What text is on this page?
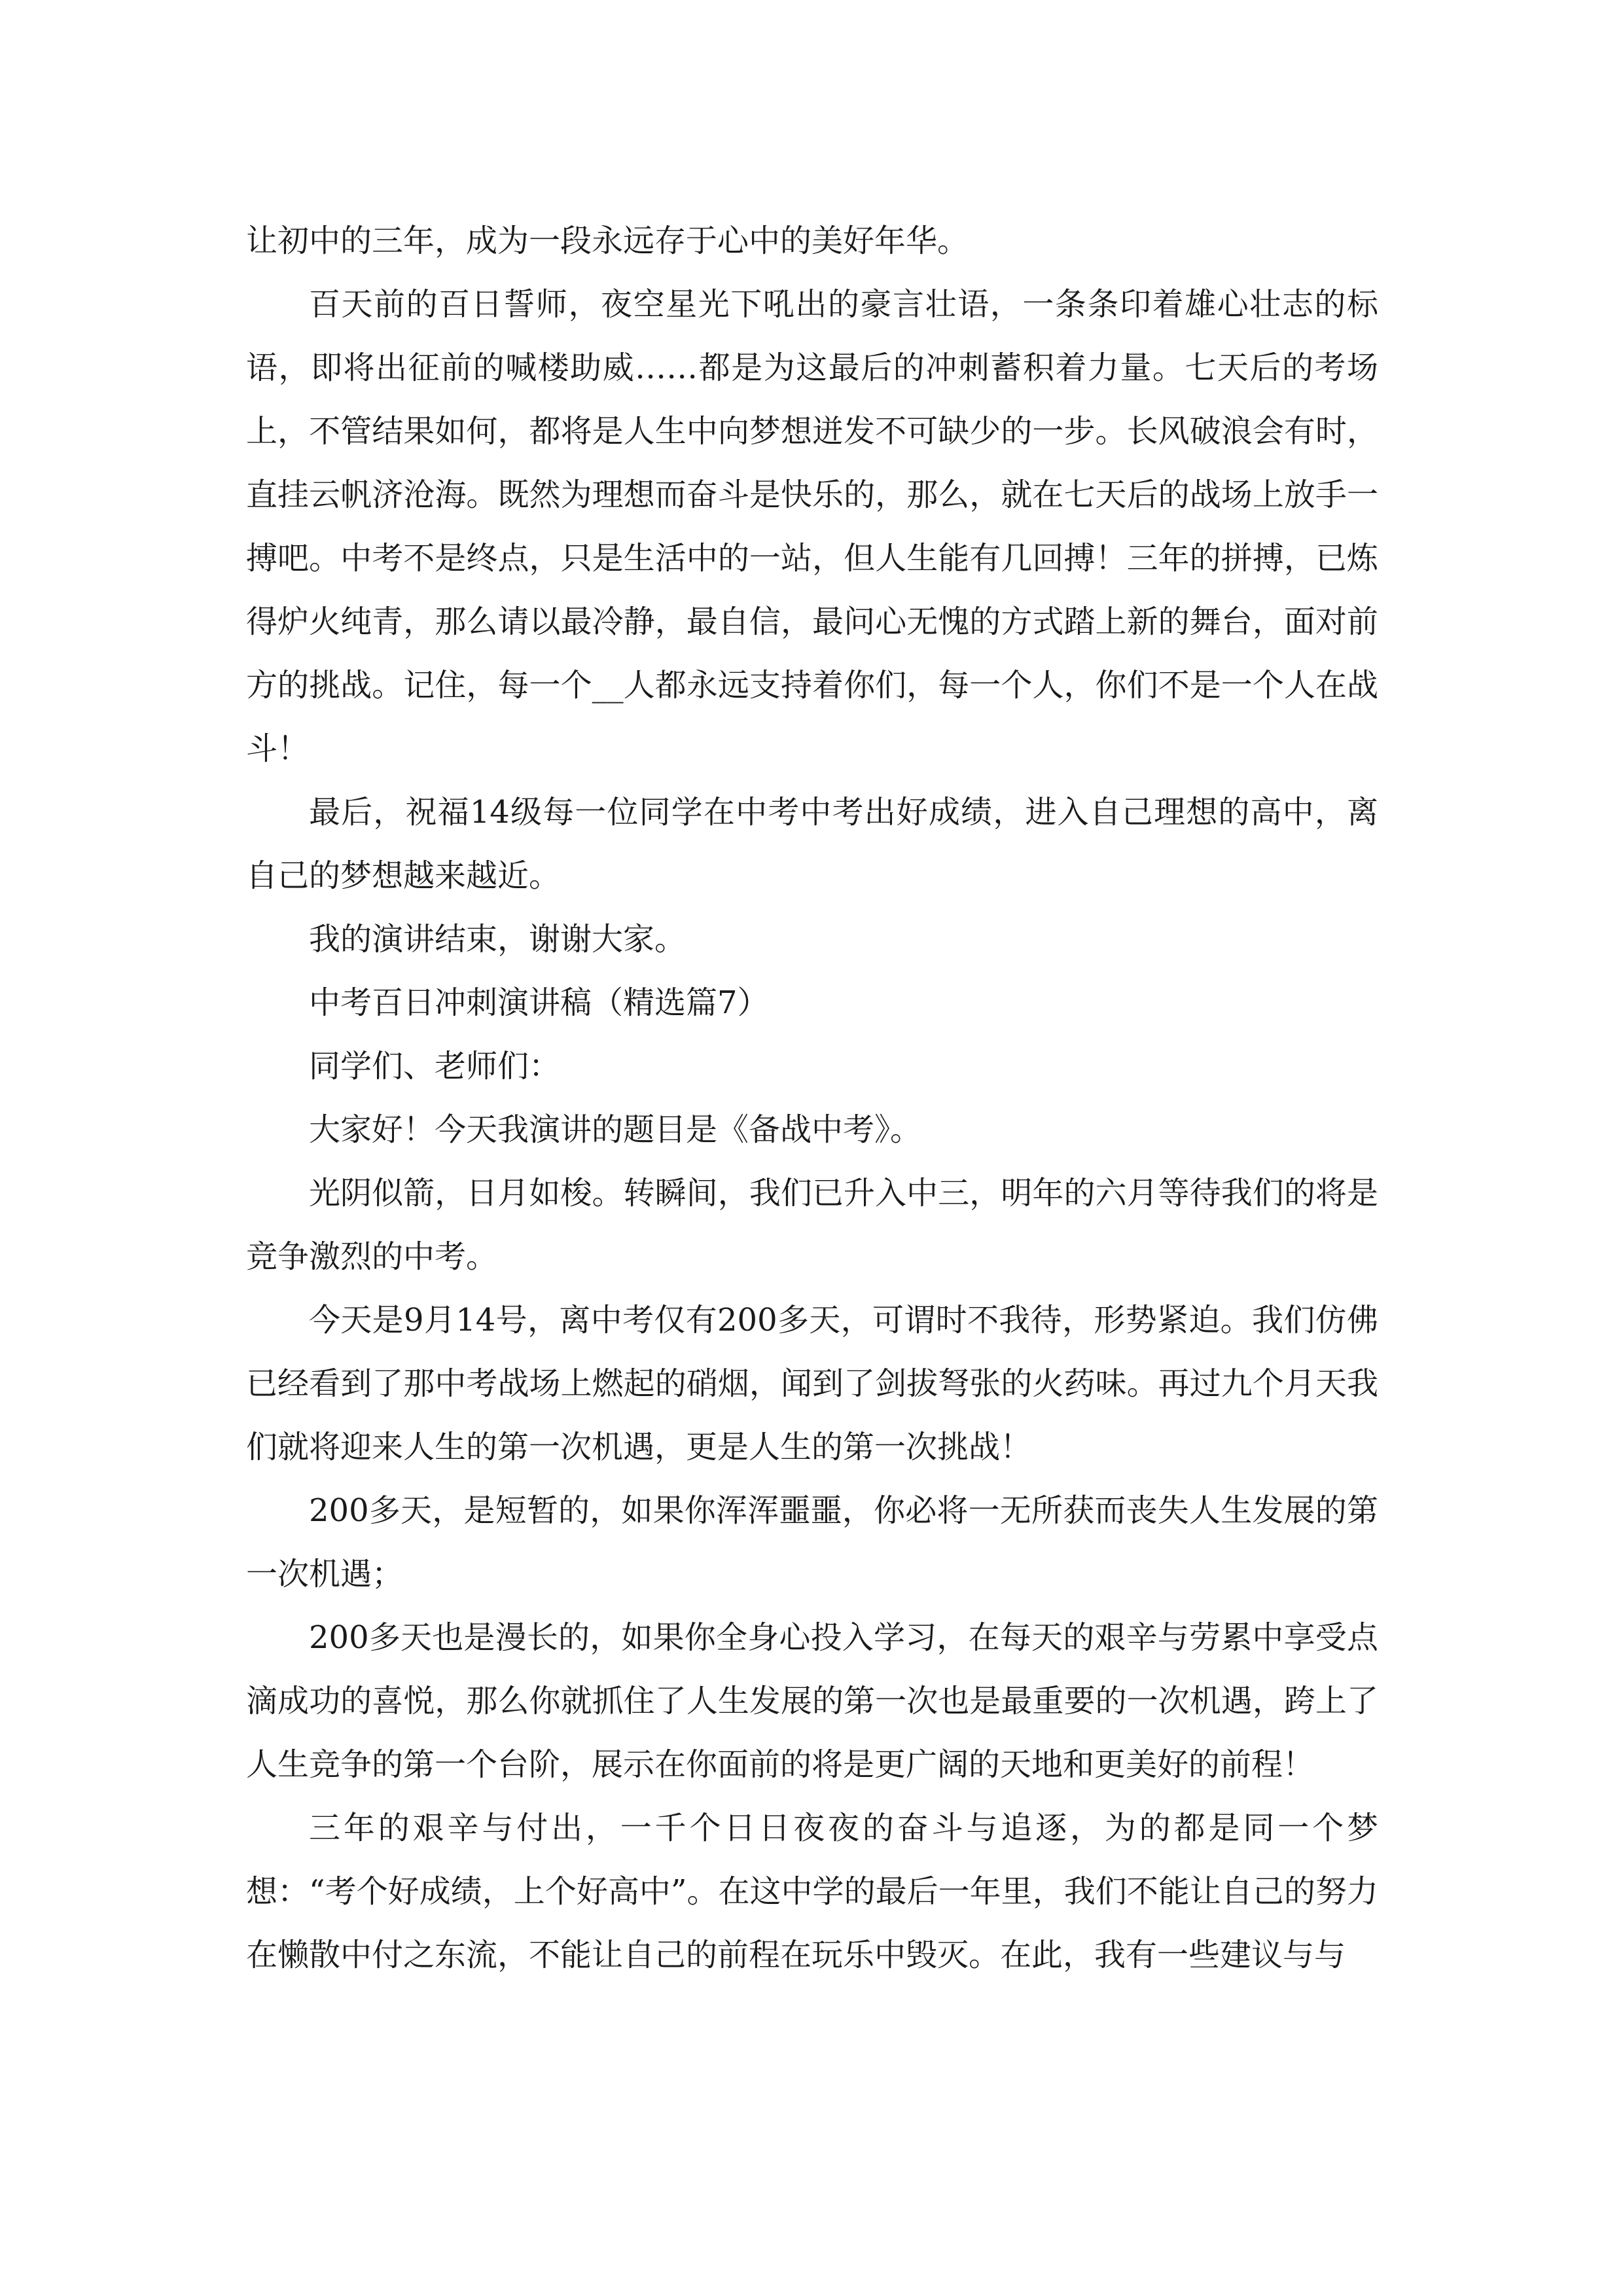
让初中的三年，成为一段永远存于心中的美好年华。

百天前的百日誓师，夜空星光下吼出的豪言壮语，一条条印着雄心壮志的标语，即将出征前的喊楼助威……都是为这最后的冲刺蓄积着力量。七天后的考场上，不管结果如何，都将是人生中向梦想迸发不可缺少的一步。长风破浪会有时，直挂云帆济沧海。既然为理想而奋斗是快乐的，那么，就在七天后的战场上放手一搏吧。中考不是终点，只是生活中的一站，但人生能有几回搏！三年的拼搏，已炼得炉火纯青，那么请以最冷静，最自信，最问心无愧的方式踏上新的舞台，面对前方的挑战。记住，每一个__人都永远支持着你们，每一个人，你们不是一个人在战斗！

最后，祝福14级每一位同学在中考中考出好成绩，进入自己理想的高中，离自己的梦想越来越近。

我的演讲结束，谢谢大家。

中考百日冲刺演讲稿（精选篇7）

同学们、老师们：

大家好！今天我演讲的题目是《备战中考》。

光阴似箭，日月如梭。转瞬间，我们已升入中三，明年的六月等待我们的将是竞争激烈的中考。

今天是9月14号，离中考仅有200多天，可谓时不我待，形势紧迫。我们仿佛已经看到了那中考战场上燃起的硝烟，闻到了剑拔弩张的火药味。再过九个月天我们就将迎来人生的第一次机遇，更是人生的第一次挑战！

200多天，是短暂的，如果你浑浑噩噩，你必将一无所获而丧失人生发展的第一次机遇；

200多天也是漫长的，如果你全身心投入学习，在每天的艰辛与劳累中享受点滴成功的喜悦，那么你就抓住了人生发展的第一次也是最重要的一次机遇，跨上了人生竞争的第一个台阶，展示在你面前的将是更广阔的天地和更美好的前程！

三年的艰辛与付出，一千个日日夜夜的奋斗与追逐，为的都是同一个梦想：“考个好成绩，上个好高中”。在这中学的最后一年里，我们不能让自己的努力在懒散中付之东流，不能让自己的前程在玩乐中毁灭。在此，我有一些建议与与
